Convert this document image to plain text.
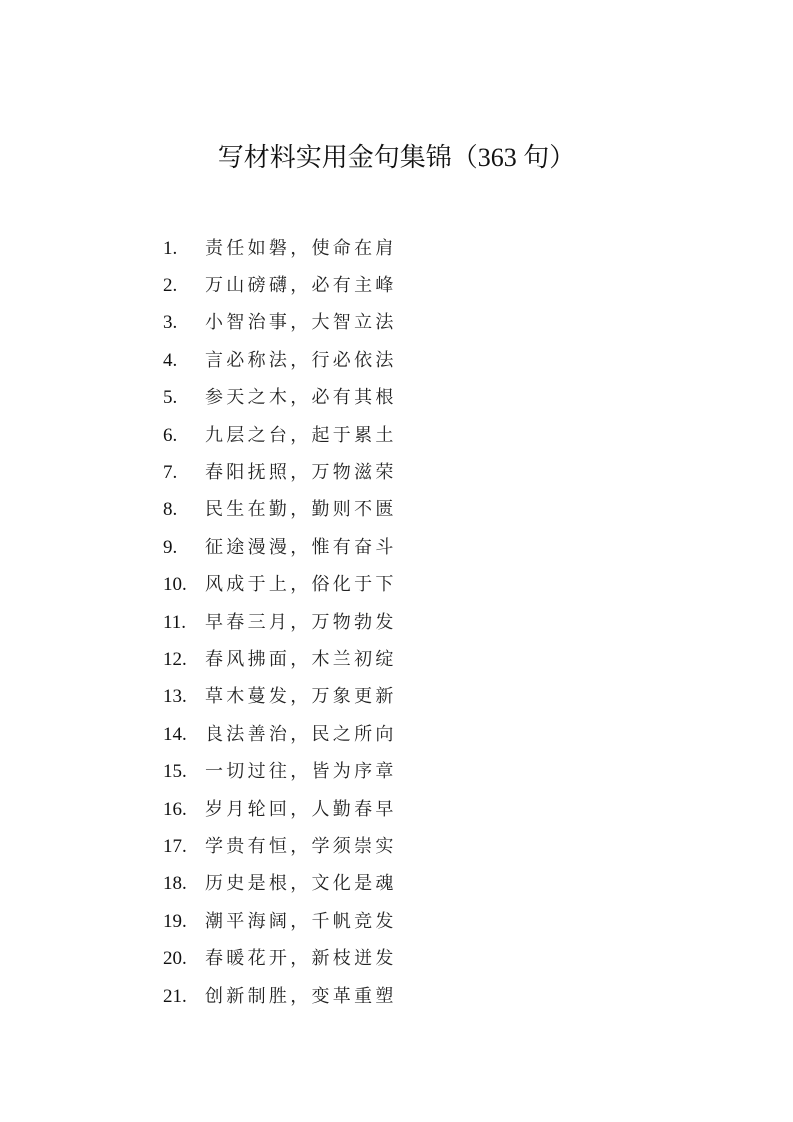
写材料实用金句集锦（363 句）
1.	责任如磐，使命在肩
2.	万山磅礴，必有主峰
3.	小智治事，大智立法
4.	言必称法，行必依法
5.	参天之木，必有其根
6.	九层之台，起于累土
7.	春阳抚照，万物滋荣
8.	民生在勤，勤则不匮
9.	征途漫漫，惟有奋斗
10.	风成于上，俗化于下
11.	早春三月，万物勃发
12.	春风拂面，木兰初绽
13.	草木蔓发，万象更新
14.	良法善治，民之所向
15.	一切过往，皆为序章
16.	岁月轮回，人勤春早
17.	学贵有恒，学须崇实
18.	历史是根，文化是魂
19.	潮平海阔，千帆竞发
20.	春暖花开，新枝迸发
21.	创新制胜，变革重塑
